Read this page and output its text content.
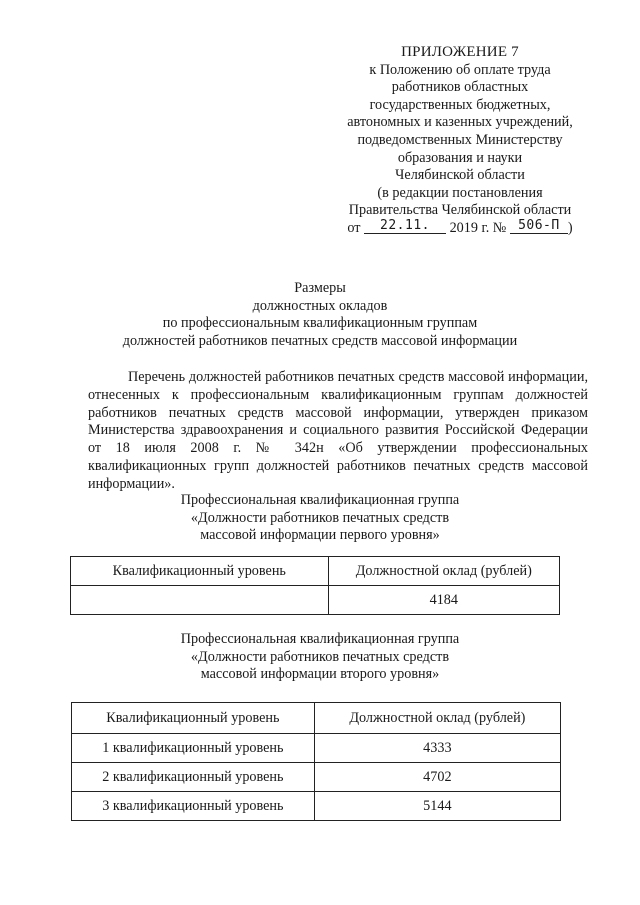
ПРИЛОЖЕНИЕ 7
к Положению об оплате труда
работников областных
государственных бюджетных,
автономных и казенных учреждений,
подведомственных Министерству
образования и науки
Челябинской области
(в редакции постановления
Правительства Челябинской области
от 22.11. 2019 г. № 506-П )
Размеры
должностных окладов
по профессиональным квалификационным группам
должностей работников печатных средств массовой информации

Перечень должностей работников печатных средств массовой информации, отнесенных к профессиональным квалификационным группам должностей работников печатных средств массовой информации, утвержден приказом Министерства здравоохранения и социального развития Российской Федерации от 18 июля 2008 г. № 342н «Об утверждении профессиональных квалификационных групп должностей работников печатных средств массовой информации».

Профессиональная квалификационная группа
«Должности работников печатных средств
массовой информации первого уровня»
Квалификационный уровень	Должностной оклад (рублей)
	4184
Профессиональная квалификационная группа
«Должности работников печатных средств
массовой информации второго уровня»
Квалификационный уровень	Должностной оклад (рублей)
1 квалификационный уровень	4333
2 квалификационный уровень	4702
3 квалификационный уровень	5144
